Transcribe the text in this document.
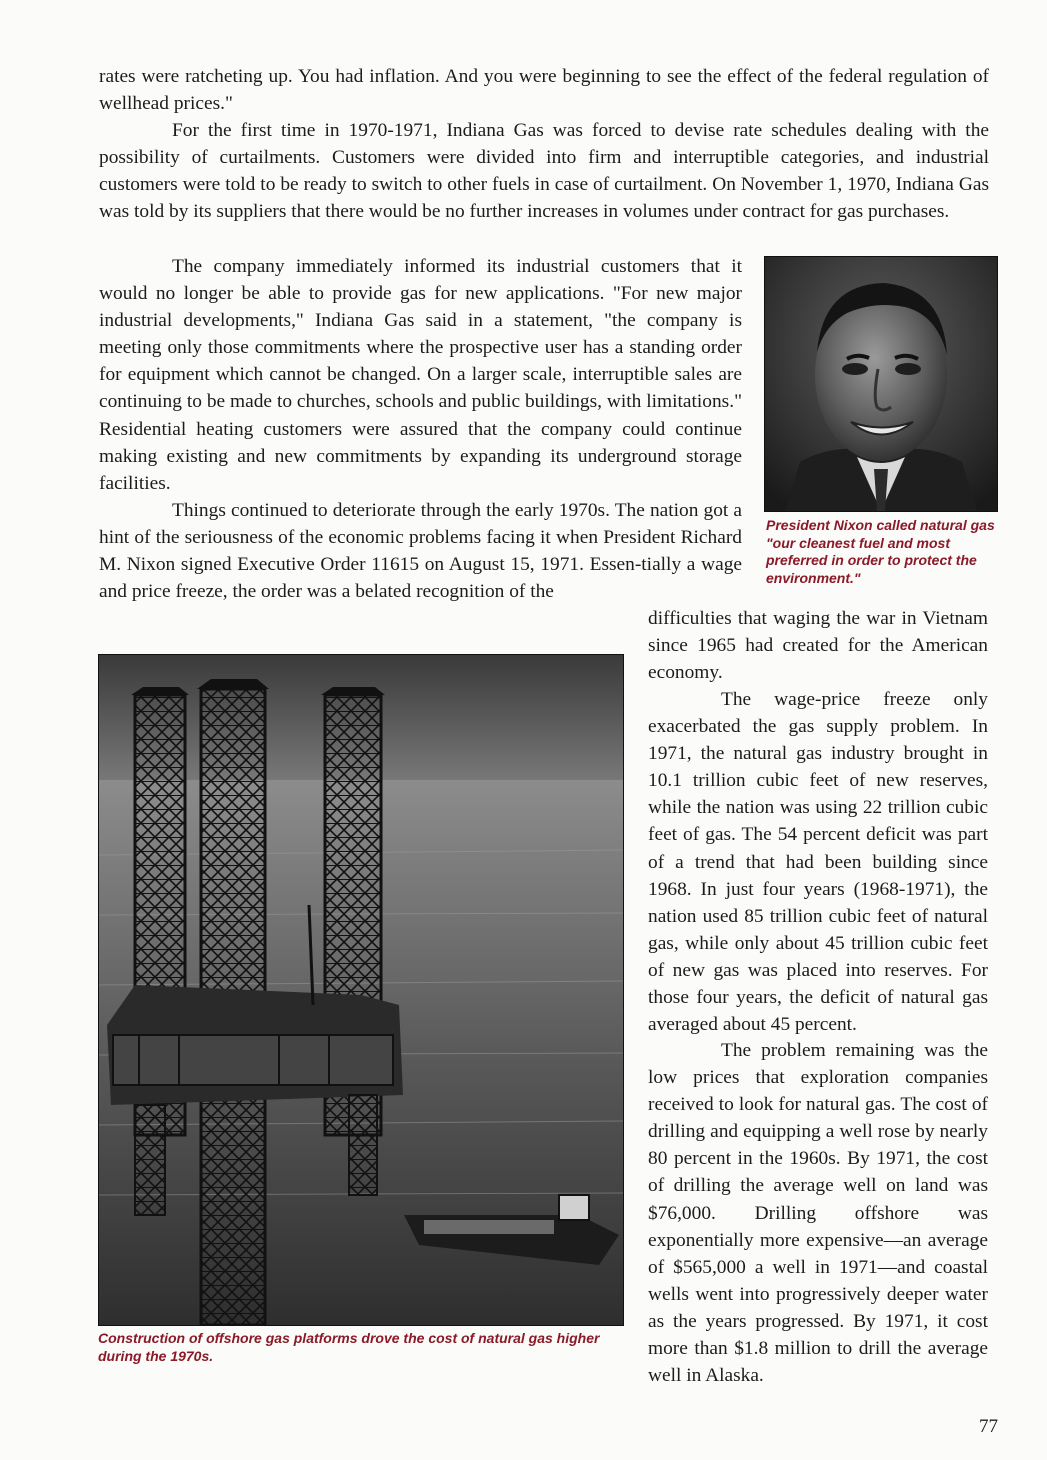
rates were ratcheting up. You had inflation. And you were beginning to see the effect of the federal regulation of wellhead prices."

For the first time in 1970-1971, Indiana Gas was forced to devise rate schedules dealing with the possibility of curtailments. Customers were divided into firm and interruptible categories, and industrial customers were told to be ready to switch to other fuels in case of curtailment. On November 1, 1970, Indiana Gas was told by its suppliers that there would be no further increases in volumes under contract for gas purchases.

The company immediately informed its industrial customers that it would no longer be able to provide gas for new applications. "For new major industrial developments," Indiana Gas said in a statement, "the company is meeting only those commitments where the prospective user has a standing order for equipment which cannot be changed. On a larger scale, interruptible sales are continuing to be made to churches, schools and public buildings, with limitations." Residential heating customers were assured that the company could continue making existing and new commitments by expanding its underground storage facilities.

Things continued to deteriorate through the early 1970s. The nation got a hint of the seriousness of the economic problems facing it when President Richard M. Nixon signed Executive Order 11615 on August 15, 1971. Essen-tially a wage and price freeze, the order was a belated recognition of the

difficulties that waging the war in Vietnam since 1965 had created for the American economy.

The wage-price freeze only exacerbated the gas supply problem. In 1971, the natural gas industry brought in 10.1 trillion cubic feet of new reserves, while the nation was using 22 trillion cubic feet of gas. The 54 percent deficit was part of a trend that had been building since 1968. In just four years (1968-1971), the nation used 85 trillion cubic feet of natural gas, while only about 45 trillion cubic feet of new gas was placed into reserves. For those four years, the deficit of natural gas averaged about 45 percent.

The problem remaining was the low prices that exploration companies received to look for natural gas. The cost of drilling and equipping a well rose by nearly 80 percent in the 1960s. By 1971, the cost of drilling the average well on land was $76,000. Drilling offshore was exponentially more expensive—an average of $565,000 a well in 1971—and coastal wells went into progressively deeper water as the years progressed. By 1971, it cost more than $1.8 million to drill the average well in Alaska.

President Nixon called natural gas "our cleanest fuel and most preferred in order to protect the environment."

Construction of offshore gas platforms drove the cost of natural gas higher during the 1970s.

77
